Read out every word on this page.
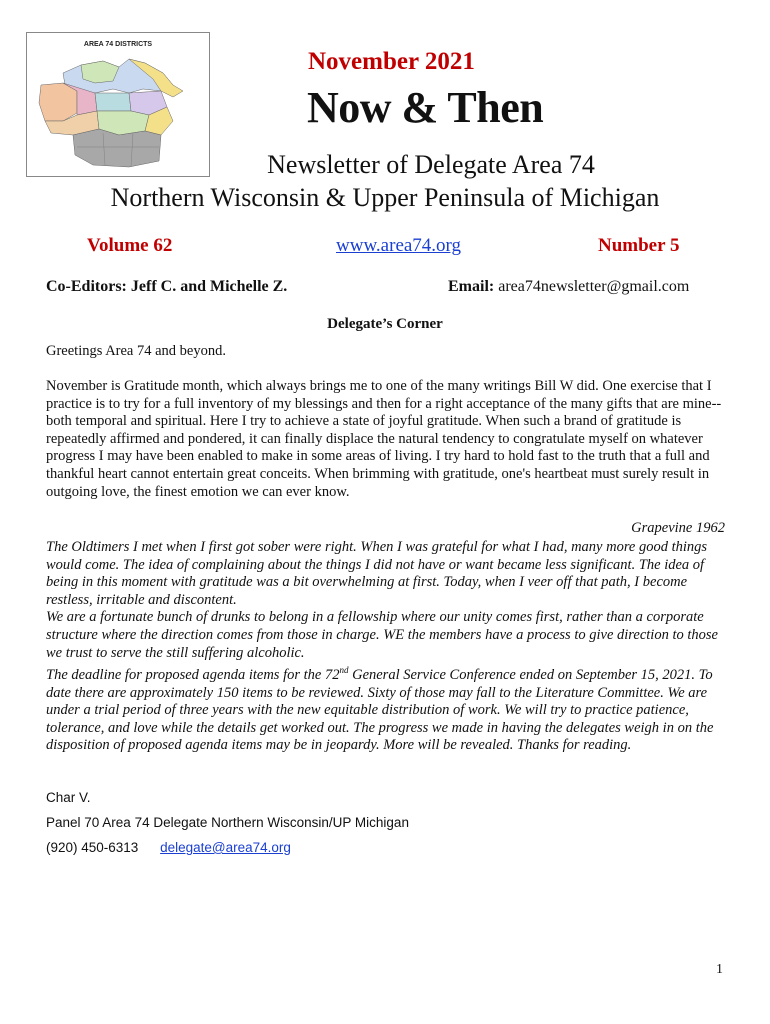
AREA 74 DISTRICTS
November 2021
Now & Then
Newsletter of Delegate Area 74
Northern Wisconsin & Upper Peninsula of Michigan
Volume 62	www.area74.org	Number 5
Co-Editors: Jeff C. and Michelle Z.	Email: area74newsletter@gmail.com
Delegate’s Corner
Greetings Area 74 and beyond.
November is Gratitude month, which always brings me to one of the many writings Bill W did. One exercise that I practice is to try for a full inventory of my blessings and then for a right acceptance of the many gifts that are mine--both temporal and spiritual. Here I try to achieve a state of joyful gratitude. When such a brand of gratitude is repeatedly affirmed and pondered, it can finally displace the natural tendency to congratulate myself on whatever progress I may have been enabled to make in some areas of living. I try hard to hold fast to the truth that a full and thankful heart cannot entertain great conceits. When brimming with gratitude, one's heartbeat must surely result in outgoing love, the finest emotion we can ever know.
Grapevine 1962
The Oldtimers I met when I first got sober were right. When I was grateful for what I had, many more good things would come. The idea of complaining about the things I did not have or want became less significant. The idea of being in this moment with gratitude was a bit overwhelming at first. Today, when I veer off that path, I become restless, irritable and discontent.
We are a fortunate bunch of drunks to belong in a fellowship where our unity comes first, rather than a corporate structure where the direction comes from those in charge. WE the members have a process to give direction to those we trust to serve the still suffering alcoholic.
The deadline for proposed agenda items for the 72nd General Service Conference ended on September 15, 2021. To date there are approximately 150 items to be reviewed. Sixty of those may fall to the Literature Committee. We are under a trial period of three years with the new equitable distribution of work. We will try to practice patience, tolerance, and love while the details get worked out. The progress we made in having the delegates weigh in on the disposition of proposed agenda items may be in jeopardy. More will be revealed. Thanks for reading.
Char V.
Panel 70 Area 74 Delegate Northern Wisconsin/UP Michigan
(920) 450-6313 delegate@area74.org
1
